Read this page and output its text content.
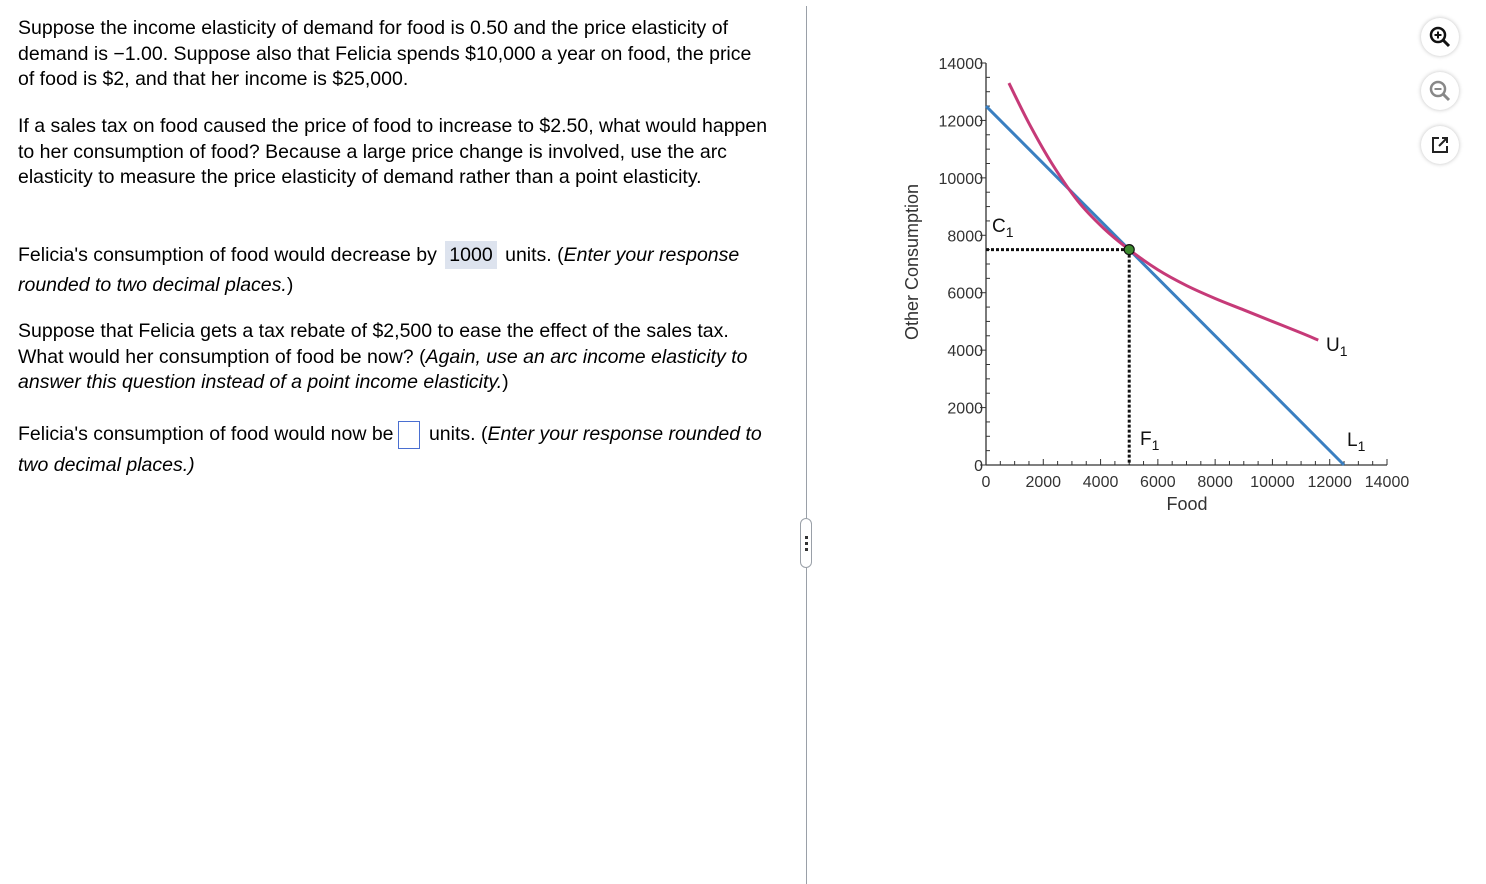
Suppose the income elasticity of demand for food is 0.50 and the price elasticity of demand is −1.00. Suppose also that Felicia spends $10,000 a year on food, the price of food is $2, and that her income is $25,000.
If a sales tax on food caused the price of food to increase to $2.50, what would happen to her consumption of food? Because a large price change is involved, use the arc elasticity to measure the price elasticity of demand rather than a point elasticity.
Felicia's consumption of food would decrease by 1000 units. (Enter your response rounded to two decimal places.)
Suppose that Felicia gets a tax rebate of $2,500 to ease the effect of the sales tax. What would her consumption of food be now? (Again, use an arc income elasticity to answer this question instead of a point income elasticity.)
Felicia's consumption of food would now be units. (Enter your response rounded to two decimal places.)
0
0
2000
2000
4000
4000
6000
6000
8000
8000
10000
10000
12000
12000
14000
14000
Other Consumption
Food
$C_1$
$F_1$
$U_1$
$L_1$
